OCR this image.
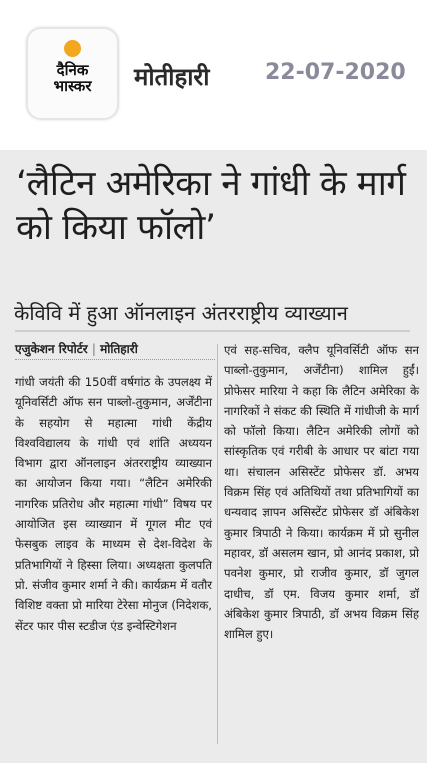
दैनिक
भास्कर	मोतीहारी	22-07-2020
‘लैटिन अमेरिका ने गांधी के मार्ग को किया फॉलो’
केविवि में हुआ ऑनलाइन अंतरराष्ट्रीय व्याख्यान
एजुकेशन रिपोर्टर | मोतिहारी
गांधी जयंती की 150वीं वर्षगांठ के उपलक्ष्य में यूनिवर्सिटी ऑफ सन पाब्लो-तुकुमान, अर्जेंटीना के सहयोग से महात्मा गांधी केंद्रीय विश्वविद्यालय के गांधी एवं शांति अध्ययन विभाग द्वारा ऑनलाइन अंतरराष्ट्रीय व्याख्यान का आयोजन किया गया। “लैटिन अमेरिकी नागरिक प्रतिरोध और महात्मा गांधी” विषय पर आयोजित इस व्याख्यान में गूगल मीट एवं फेसबुक लाइव के माध्यम से देश-विदेश के प्रतिभागियों ने हिस्सा लिया। अध्यक्षता कुलपति प्रो. संजीव कुमार शर्मा ने की। कार्यक्रम में वतौर विशिष्ट वक्ता प्रो मारिया टेरेसा मोनुज (निदेशक, सेंटर फार पीस स्टडीज एंड इन्वेस्टिगेशन
एवं सह-सचिव, क्लैप यूनिवर्सिटी ऑफ सन पाब्लो-तुकुमान, अर्जेंटीना) शामिल हुईं। प्रोफेसर मारिया ने कहा कि लैटिन अमेरिका के नागरिकों ने संकट की स्थिति में गांधीजी के मार्ग को फॉलो किया। लैटिन अमेरिकी लोगों को सांस्कृतिक एवं गरीबी के आधार पर बांटा गया था। संचालन असिस्टेंट प्रोफेसर डॉ. अभय विक्रम सिंह एवं अतिथियों तथा प्रतिभागियों का धन्यवाद ज्ञापन असिस्टेंट प्रोफेसर डॉ अंबिकेश कुमार त्रिपाठी ने किया। कार्यक्रम में प्रो सुनील महावर, डॉ असलम खान, प्रो आनंद प्रकाश, प्रो पवनेश कुमार, प्रो राजीव कुमार, डॉ जुगल दाधीच, डॉ एम. विजय कुमार शर्मा, डॉ अंबिकेश कुमार त्रिपाठी, डॉ अभय विक्रम सिंह शामिल हुए।
